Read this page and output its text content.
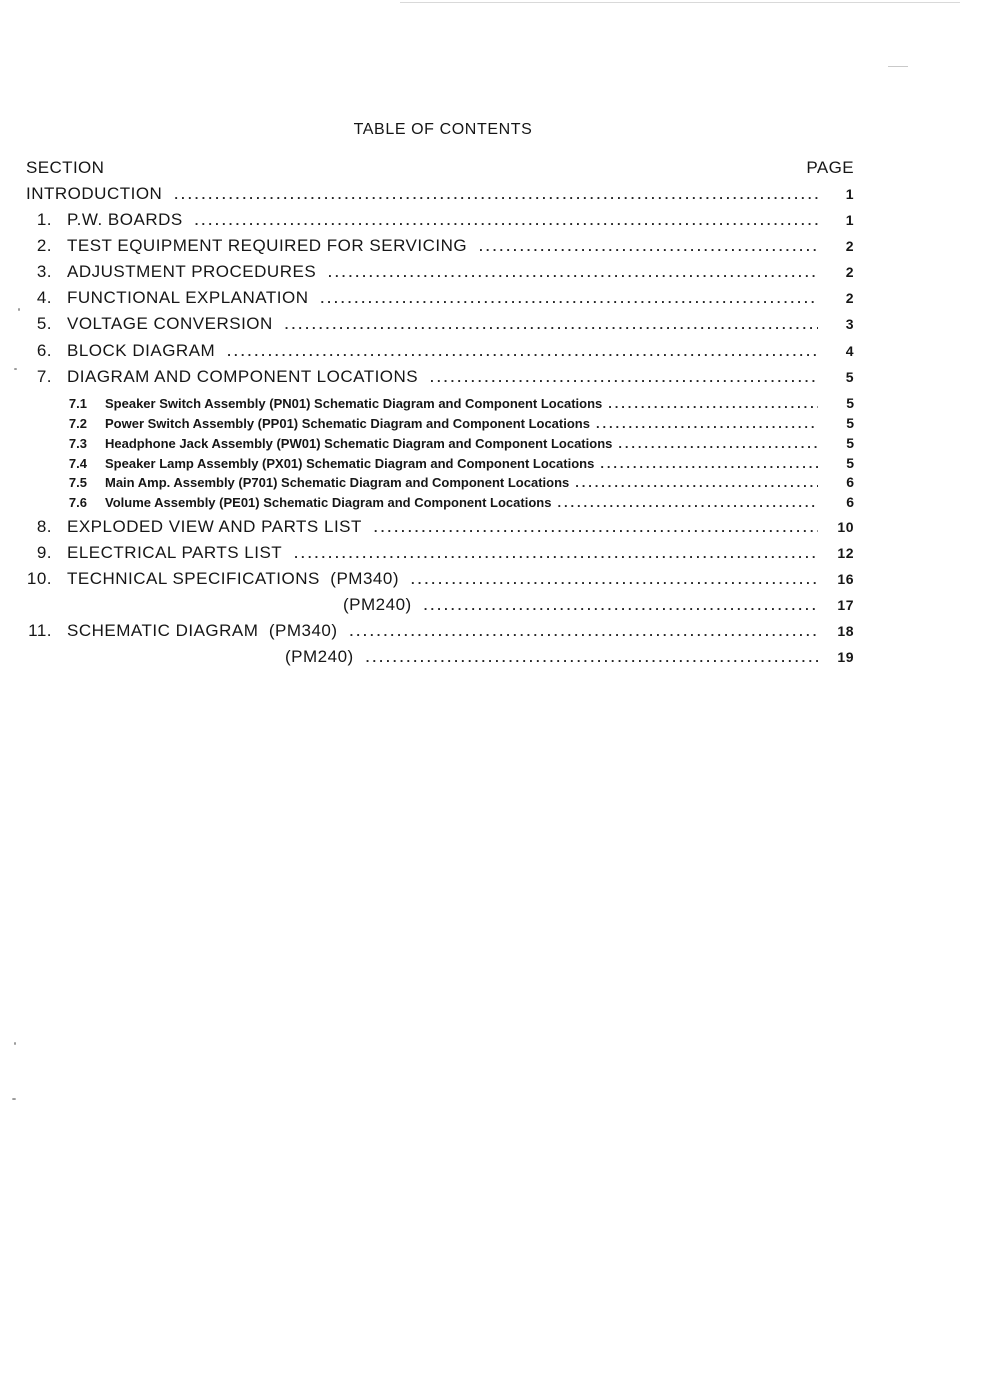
TABLE OF CONTENTS
SECTION	PAGE
INTRODUCTION .....	1
1. P.W. BOARDS .....	1
2. TEST EQUIPMENT REQUIRED FOR SERVICING .....	2
3. ADJUSTMENT PROCEDURES .....	2
4. FUNCTIONAL EXPLANATION .....	2
5. VOLTAGE CONVERSION .....	3
6. BLOCK DIAGRAM .....	4
7. DIAGRAM AND COMPONENT LOCATIONS .....	5
7.1	Speaker Switch Assembly (PN01) Schematic Diagram and Component Locations .....	5
7.2	Power Switch Assembly (PP01) Schematic Diagram and Component Locations .....	5
7.3	Headphone Jack Assembly (PW01) Schematic Diagram and Component Locations .....	5
7.4	Speaker Lamp Assembly (PX01) Schematic Diagram and Component Locations .....	5
7.5	Main Amp. Assembly (P701) Schematic Diagram and Component Locations .....	6
7.6	Volume Assembly (PE01) Schematic Diagram and Component Locations .....	6
8. EXPLODED VIEW AND PARTS LIST .....	10
9. ELECTRICAL PARTS LIST .....	12
10. TECHNICAL SPECIFICATIONS  (PM340) .....	16
(PM240) .....	17
11. SCHEMATIC DIAGRAM  (PM340) .....	18
(PM240) .....	19
